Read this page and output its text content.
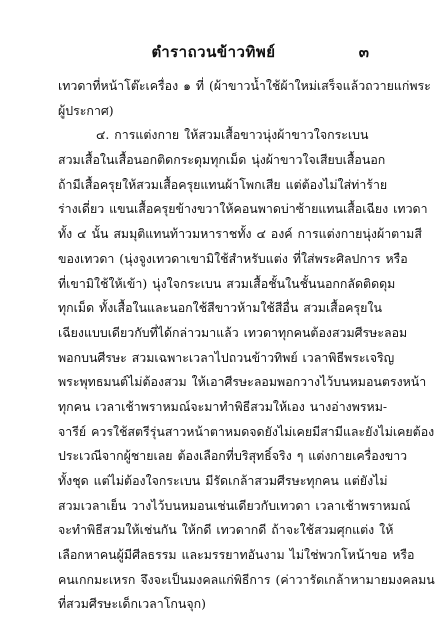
ตำราถวนข้าวทิพย์	๓
เทวดาที่หน้าโต๊ะเครื่อง ๑ ที่ (ผ้าขาวน้ำใช้ผ้าใหม่เสร็จแล้วถวายแก่พระ
ผู้ประกาศ)
๔. การแต่งกาย ให้สวมเสื้อขาวนุ่งผ้าขาวใจกระเบน
สวมเสื้อในเสื้อนอกติดกระดุมทุกเม็ด นุ่งผ้าขาวใจเสียบเสื้อนอก
ถ้ามีเสื้อครุยให้สวมเสื้อครุยแทนผ้าโพกเสีย แต่ต้องไม่ใส่ท่าร้าย
ร่างเดี่ยว แขนเสื้อครุยข้างขวาให้คอนพาดบ่าซ้ายแทนเสื้อเฉียง เทวดา
ทั้ง ๔ นั้น สมมุติแทนท้าวมหาราชทั้ง ๔ องค์ การแต่งกายนุ่งผ้าตามสี
ของเทวดา (นุ่งจูงเทวดาเขามิใช้สำหรับแต่ง ที่ใส่พระศิลปการ หรือ
ที่เขามิใช้ให้เข้า) นุ่งใจกระเบน สวมเสื้อชั้นในชั้นนอกกลัดติดดุม
ทุกเม็ด ทั้งเสื้อในและนอกใช้สีขาวห้ามใช้สีอื่น สวมเสื้อครุยใน
เฉียงแบบเดียวกับที่ได้กล่าวมาแล้ว เทวดาทุกคนต้องสวมศีรษะลอม
พอกบนศีรษะ สวมเฉพาะเวลาไปถวนข้าวทิพย์ เวลาพิธีพระเจริญ
พระพุทธมนต์ไม่ต้องสวม ให้เอาศีรษะลอมพอกวางไว้บนหมอนตรงหน้า
ทุกคน เวลาเช้าพราหมณ์จะมาทำพิธีสวมให้เอง นางอ่างพรหม-
จารีย์ ควรใช้สตรีรุ่นสาวหน้าตาหมดจดยังไม่เคยมีสามีและยังไม่เคยต้อง
ประเวณีจากผู้ชายเลย ต้องเลือกที่บริสุทธิ์จริง ๆ แต่งกายเครื่องขาว
ทั้งชุด แต่ไม่ต้องใจกระเบน มีรัดเกล้าสวมศีรษะทุกคน แต่ยังไม่
สวมเวลาเย็น วางไว้บนหมอนเช่นเดียวกับเทวดา เวลาเช้าพราหมณ์
จะทำพิธีสวมให้เช่นกัน ให้กดี เทวดากดี ถ้าจะใช้สวมศุกแต่ง ให้
เลือกหาคนผู้มีศีลธรรม และมรรยาทอันงาม ไม่ใช่พวกโหน้าขอ หรือ
คนเกกมะเหรก จึงจะเป็นมงคลแก่พิธีการ (ค่าวารัดเกล้าหามายมงคลมน
ที่สวมศีรษะเด็กเวลาโกนจุก)
